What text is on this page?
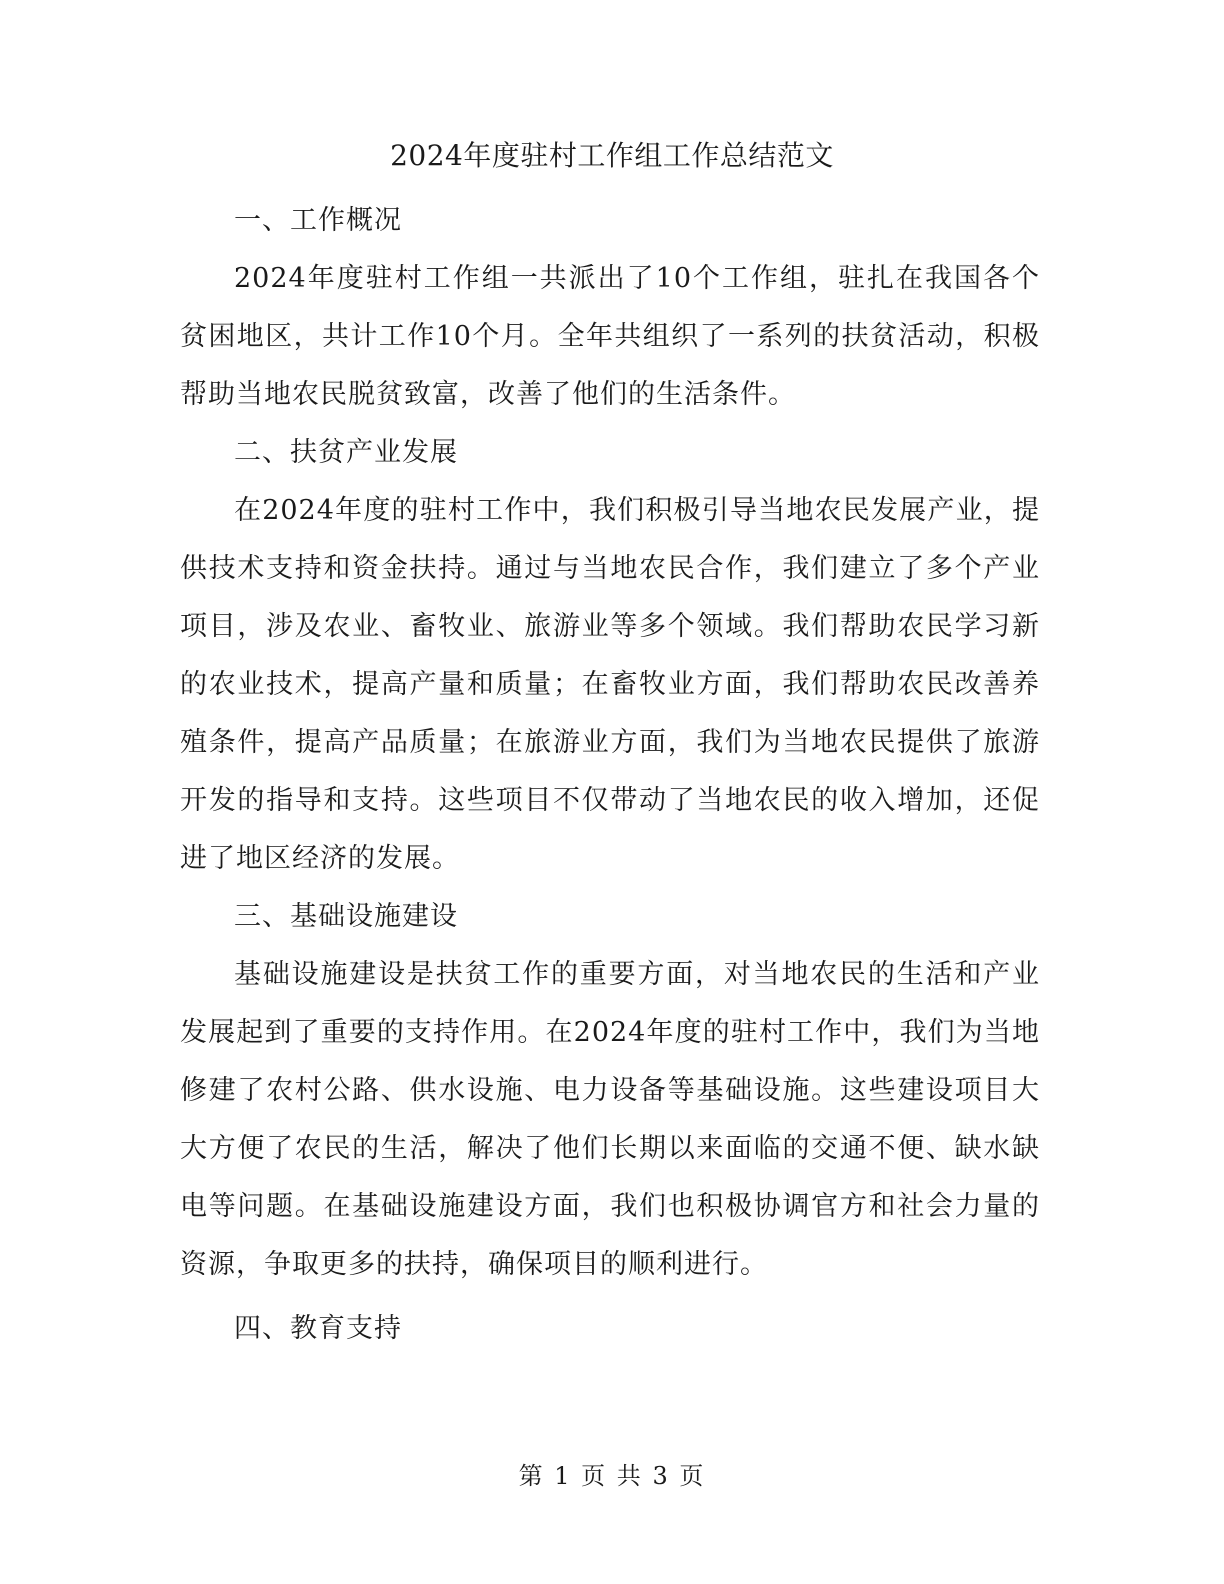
2024年度驻村工作组工作总结范文

一、工作概况

2024年度驻村工作组一共派出了10个工作组，驻扎在我国各个贫困地区，共计工作10个月。全年共组织了一系列的扶贫活动，积极帮助当地农民脱贫致富，改善了他们的生活条件。

二、扶贫产业发展

在2024年度的驻村工作中，我们积极引导当地农民发展产业，提供技术支持和资金扶持。通过与当地农民合作，我们建立了多个产业项目，涉及农业、畜牧业、旅游业等多个领域。我们帮助农民学习新的农业技术，提高产量和质量；在畜牧业方面，我们帮助农民改善养殖条件，提高产品质量；在旅游业方面，我们为当地农民提供了旅游开发的指导和支持。这些项目不仅带动了当地农民的收入增加，还促进了地区经济的发展。

三、基础设施建设

基础设施建设是扶贫工作的重要方面，对当地农民的生活和产业发展起到了重要的支持作用。在2024年度的驻村工作中，我们为当地修建了农村公路、供水设施、电力设备等基础设施。这些建设项目大大方便了农民的生活，解决了他们长期以来面临的交通不便、缺水缺电等问题。在基础设施建设方面，我们也积极协调官方和社会力量的资源，争取更多的扶持，确保项目的顺利进行。

四、教育支持

第 1 页 共 3 页
